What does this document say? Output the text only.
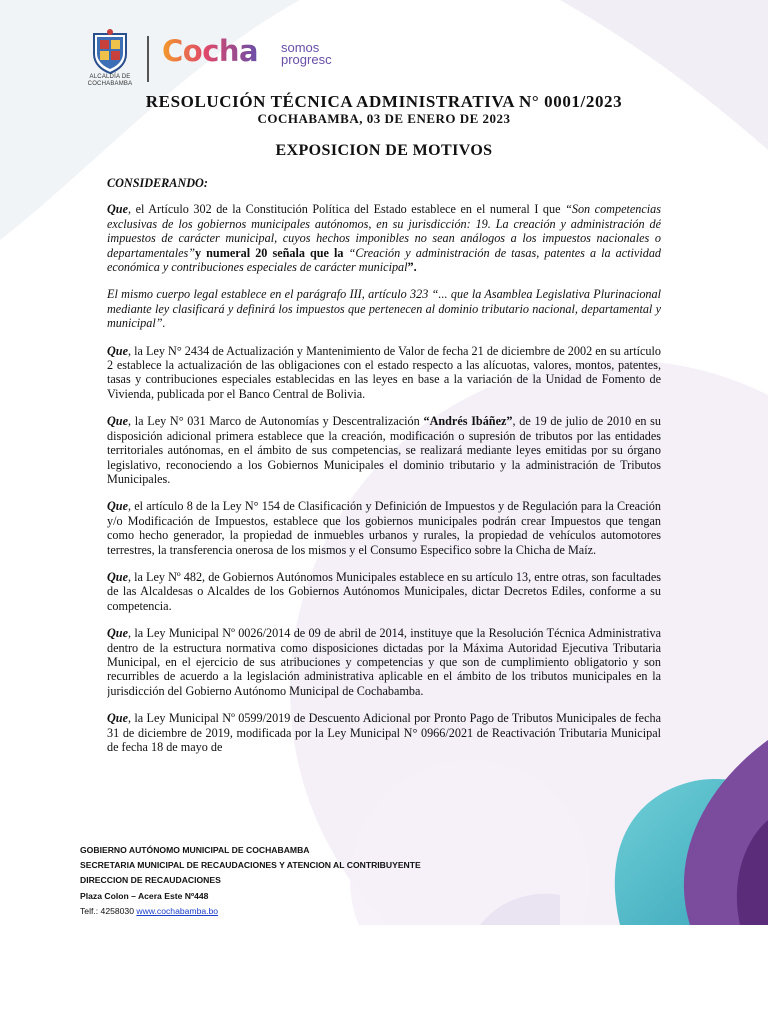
ALCALDÍA DE COCHABAMBA
Cocha somos progresc
RESOLUCIÓN TÉCNICA ADMINISTRATIVA N° 0001/2023
COCHABAMBA, 03 DE ENERO DE 2023
EXPOSICION DE MOTIVOS

CONSIDERANDO:

Que, el Artículo 302 de la Constitución Política del Estado establece en el numeral I que “Son competencias exclusivas de los gobiernos municipales autónomos, en su jurisdicción: 19. La creación y administración dé impuestos de carácter municipal, cuyos hechos imponibles no sean análogos a los impuestos nacionales o departamentales”y numeral 20 señala que la “Creación y administración de tasas, patentes a la actividad económica y contribuciones especiales de carácter municipal”.

El mismo cuerpo legal establece en el parágrafo III, artículo 323 “... que la Asamblea Legislativa Plurinacional mediante ley clasificará y definirá los impuestos que pertenecen al dominio tributario nacional, departamental y municipal”.

Que, la Ley N° 2434 de Actualización y Mantenimiento de Valor de fecha 21 de diciembre de 2002 en su artículo 2 establece la actualización de las obligaciones con el estado respecto a las alícuotas, valores, montos, patentes, tasas y contribuciones especiales establecidas en las leyes en base a la variación de la Unidad de Fomento de Vivienda, publicada por el Banco Central de Bolivia.

Que, la Ley N° 031 Marco de Autonomías y Descentralización “Andrés Ibáñez”, de 19 de julio de 2010 en su disposición adicional primera establece que la creación, modificación o supresión de tributos por las entidades territoriales autónomas, en el ámbito de sus competencias, se realizará mediante leyes emitidas por su órgano legislativo, reconociendo a los Gobiernos Municipales el dominio tributario y la administración de Tributos Municipales.

Que, el artículo 8 de la Ley N° 154 de Clasificación y Definición de Impuestos y de Regulación para la Creación y/o Modificación de Impuestos, establece que los gobiernos municipales podrán crear Impuestos que tengan como hecho generador, la propiedad de inmuebles urbanos y rurales, la propiedad de vehículos automotores terrestres, la transferencia onerosa de los mismos y el Consumo Especifico sobre la Chicha de Maíz.

Que, la Ley Nº 482, de Gobiernos Autónomos Municipales establece en su artículo 13, entre otras, son facultades de las Alcaldesas o Alcaldes de los Gobiernos Autónomos Municipales, dictar Decretos Ediles, conforme a su competencia.

Que, la Ley Municipal Nº 0026/2014 de 09 de abril de 2014, instituye que la Resolución Técnica Administrativa dentro de la estructura normativa como disposiciones dictadas por la Máxima Autoridad Ejecutiva Tributaria Municipal, en el ejercicio de sus atribuciones y competencias y que son de cumplimiento obligatorio y son recurribles de acuerdo a la legislación administrativa aplicable en el ámbito de los tributos municipales en la jurisdicción del Gobierno Autónomo Municipal de Cochabamba.

Que, la Ley Municipal Nº 0599/2019 de Descuento Adicional por Pronto Pago de Tributos Municipales de fecha 31 de diciembre de 2019, modificada por la Ley Municipal N° 0966/2021 de Reactivación Tributaria Municipal de fecha 18 de mayo de

GOBIERNO AUTÓNOMO MUNICIPAL DE COCHABAMBA
SECRETARIA MUNICIPAL DE RECAUDACIONES Y ATENCION AL CONTRIBUYENTE
DIRECCION DE RECAUDACIONES
Plaza Colon – Acera Este Nº448
Telf.: 4258030 www.cochabamba.bo
